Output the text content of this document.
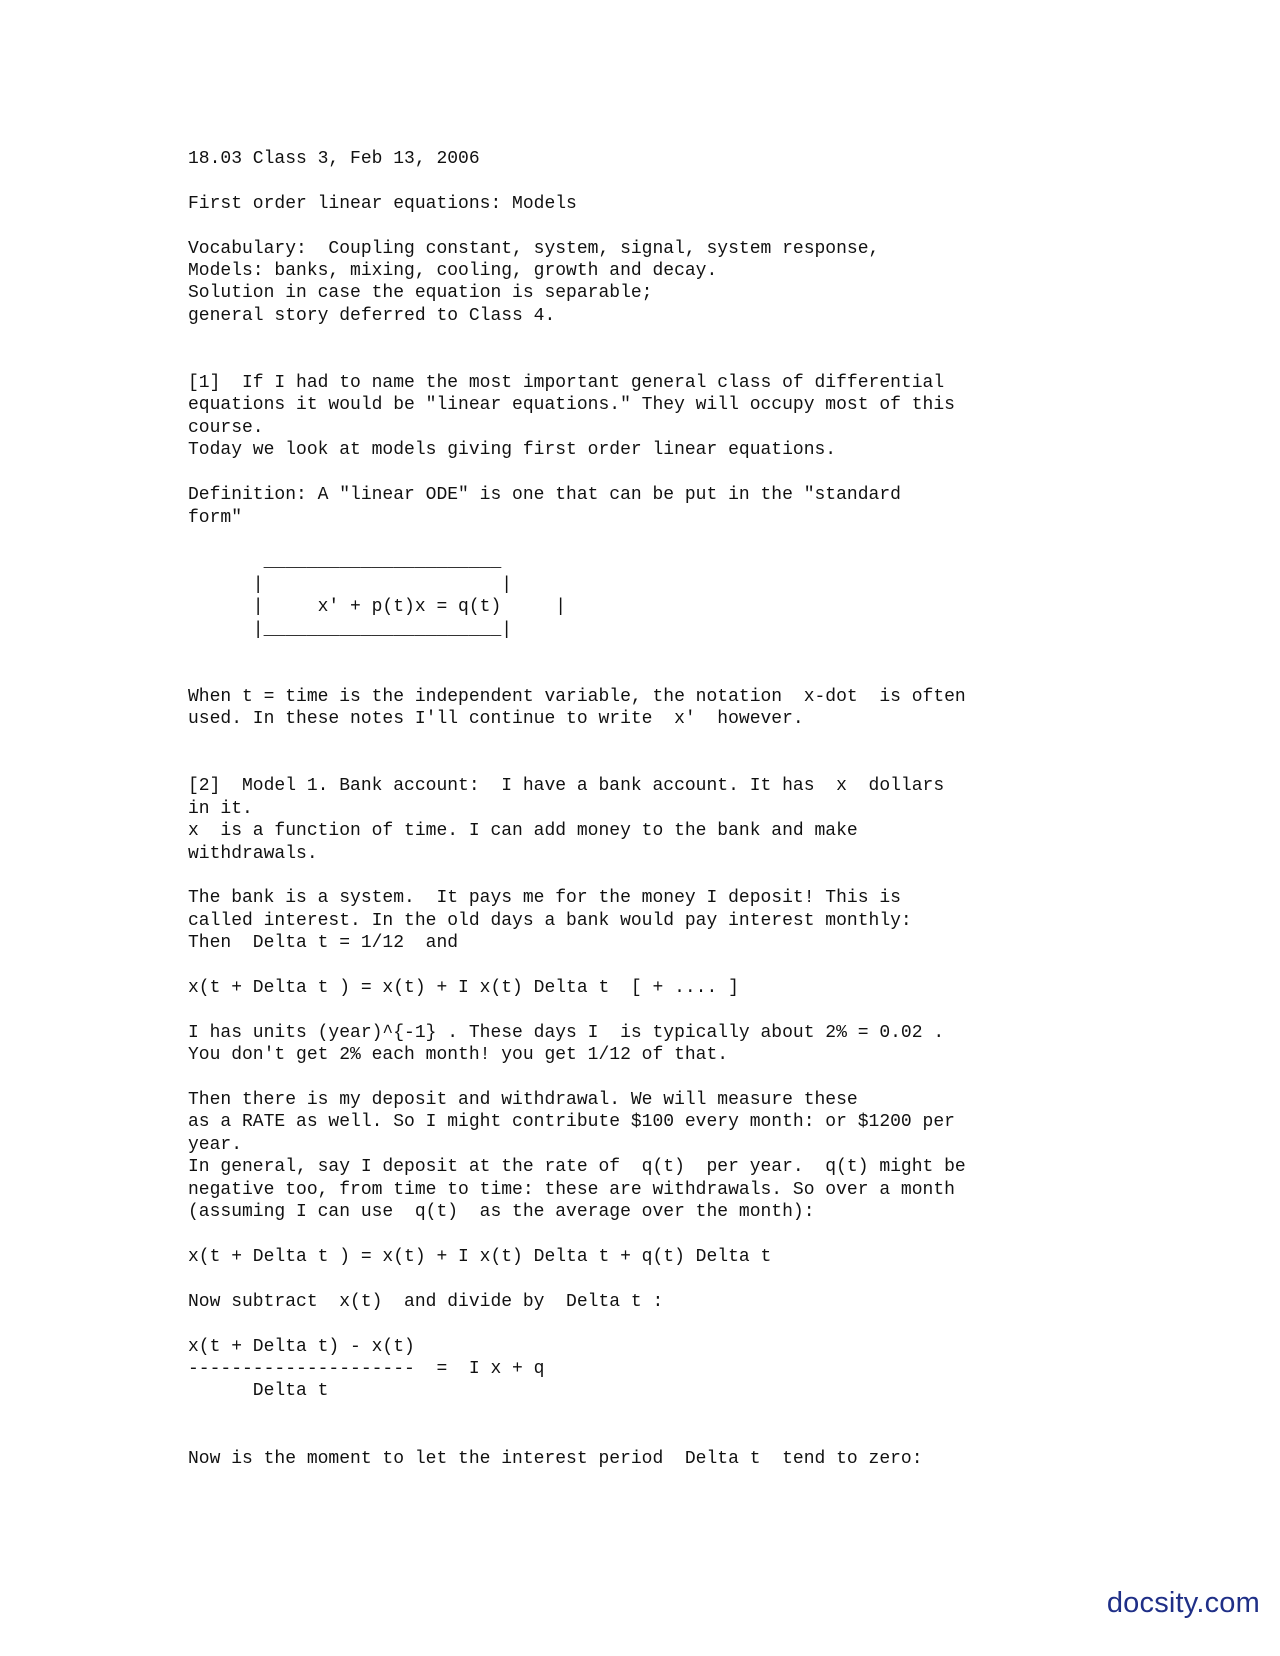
18.03 Class 3, Feb 13, 2006

First order linear equations: Models

Vocabulary:  Coupling constant, system, signal, system response,
Models: banks, mixing, cooling, growth and decay.
Solution in case the equation is separable;
general story deferred to Class 4.

[1]  If I had to name the most important general class of differential
equations it would be "linear equations." They will occupy most of this
course.
Today we look at models giving first order linear equations.

Definition: A "linear ODE" is one that can be put in the "standard
form"

______________________
|                      |
|     x' + p(t)x = q(t)     |
|______________________|

When t = time is the independent variable, the notation  x-dot  is often
used. In these notes I'll continue to write  x'  however.

[2]  Model 1. Bank account:  I have a bank account. It has  x  dollars
in it.
x  is a function of time. I can add money to the bank and make
withdrawals.

The bank is a system.  It pays me for the money I deposit! This is
called interest. In the old days a bank would pay interest monthly:
Then  Delta t = 1/12  and

x(t + Delta t ) = x(t) + I x(t) Delta t  [ + .... ]

I has units (year)^{-1} . These days I  is typically about 2% = 0.02 .
You don't get 2% each month! you get 1/12 of that.

Then there is my deposit and withdrawal. We will measure these
as a RATE as well. So I might contribute $100 every month: or $1200 per
year.
In general, say I deposit at the rate of  q(t)  per year.  q(t) might be
negative too, from time to time: these are withdrawals. So over a month
(assuming I can use  q(t)  as the average over the month):

x(t + Delta t ) = x(t) + I x(t) Delta t + q(t) Delta t

Now subtract  x(t)  and divide by  Delta t :

x(t + Delta t) - x(t)
---------------------  =  I x + q
Delta t

Now is the moment to let the interest period  Delta t  tend to zero:

docsity.com
